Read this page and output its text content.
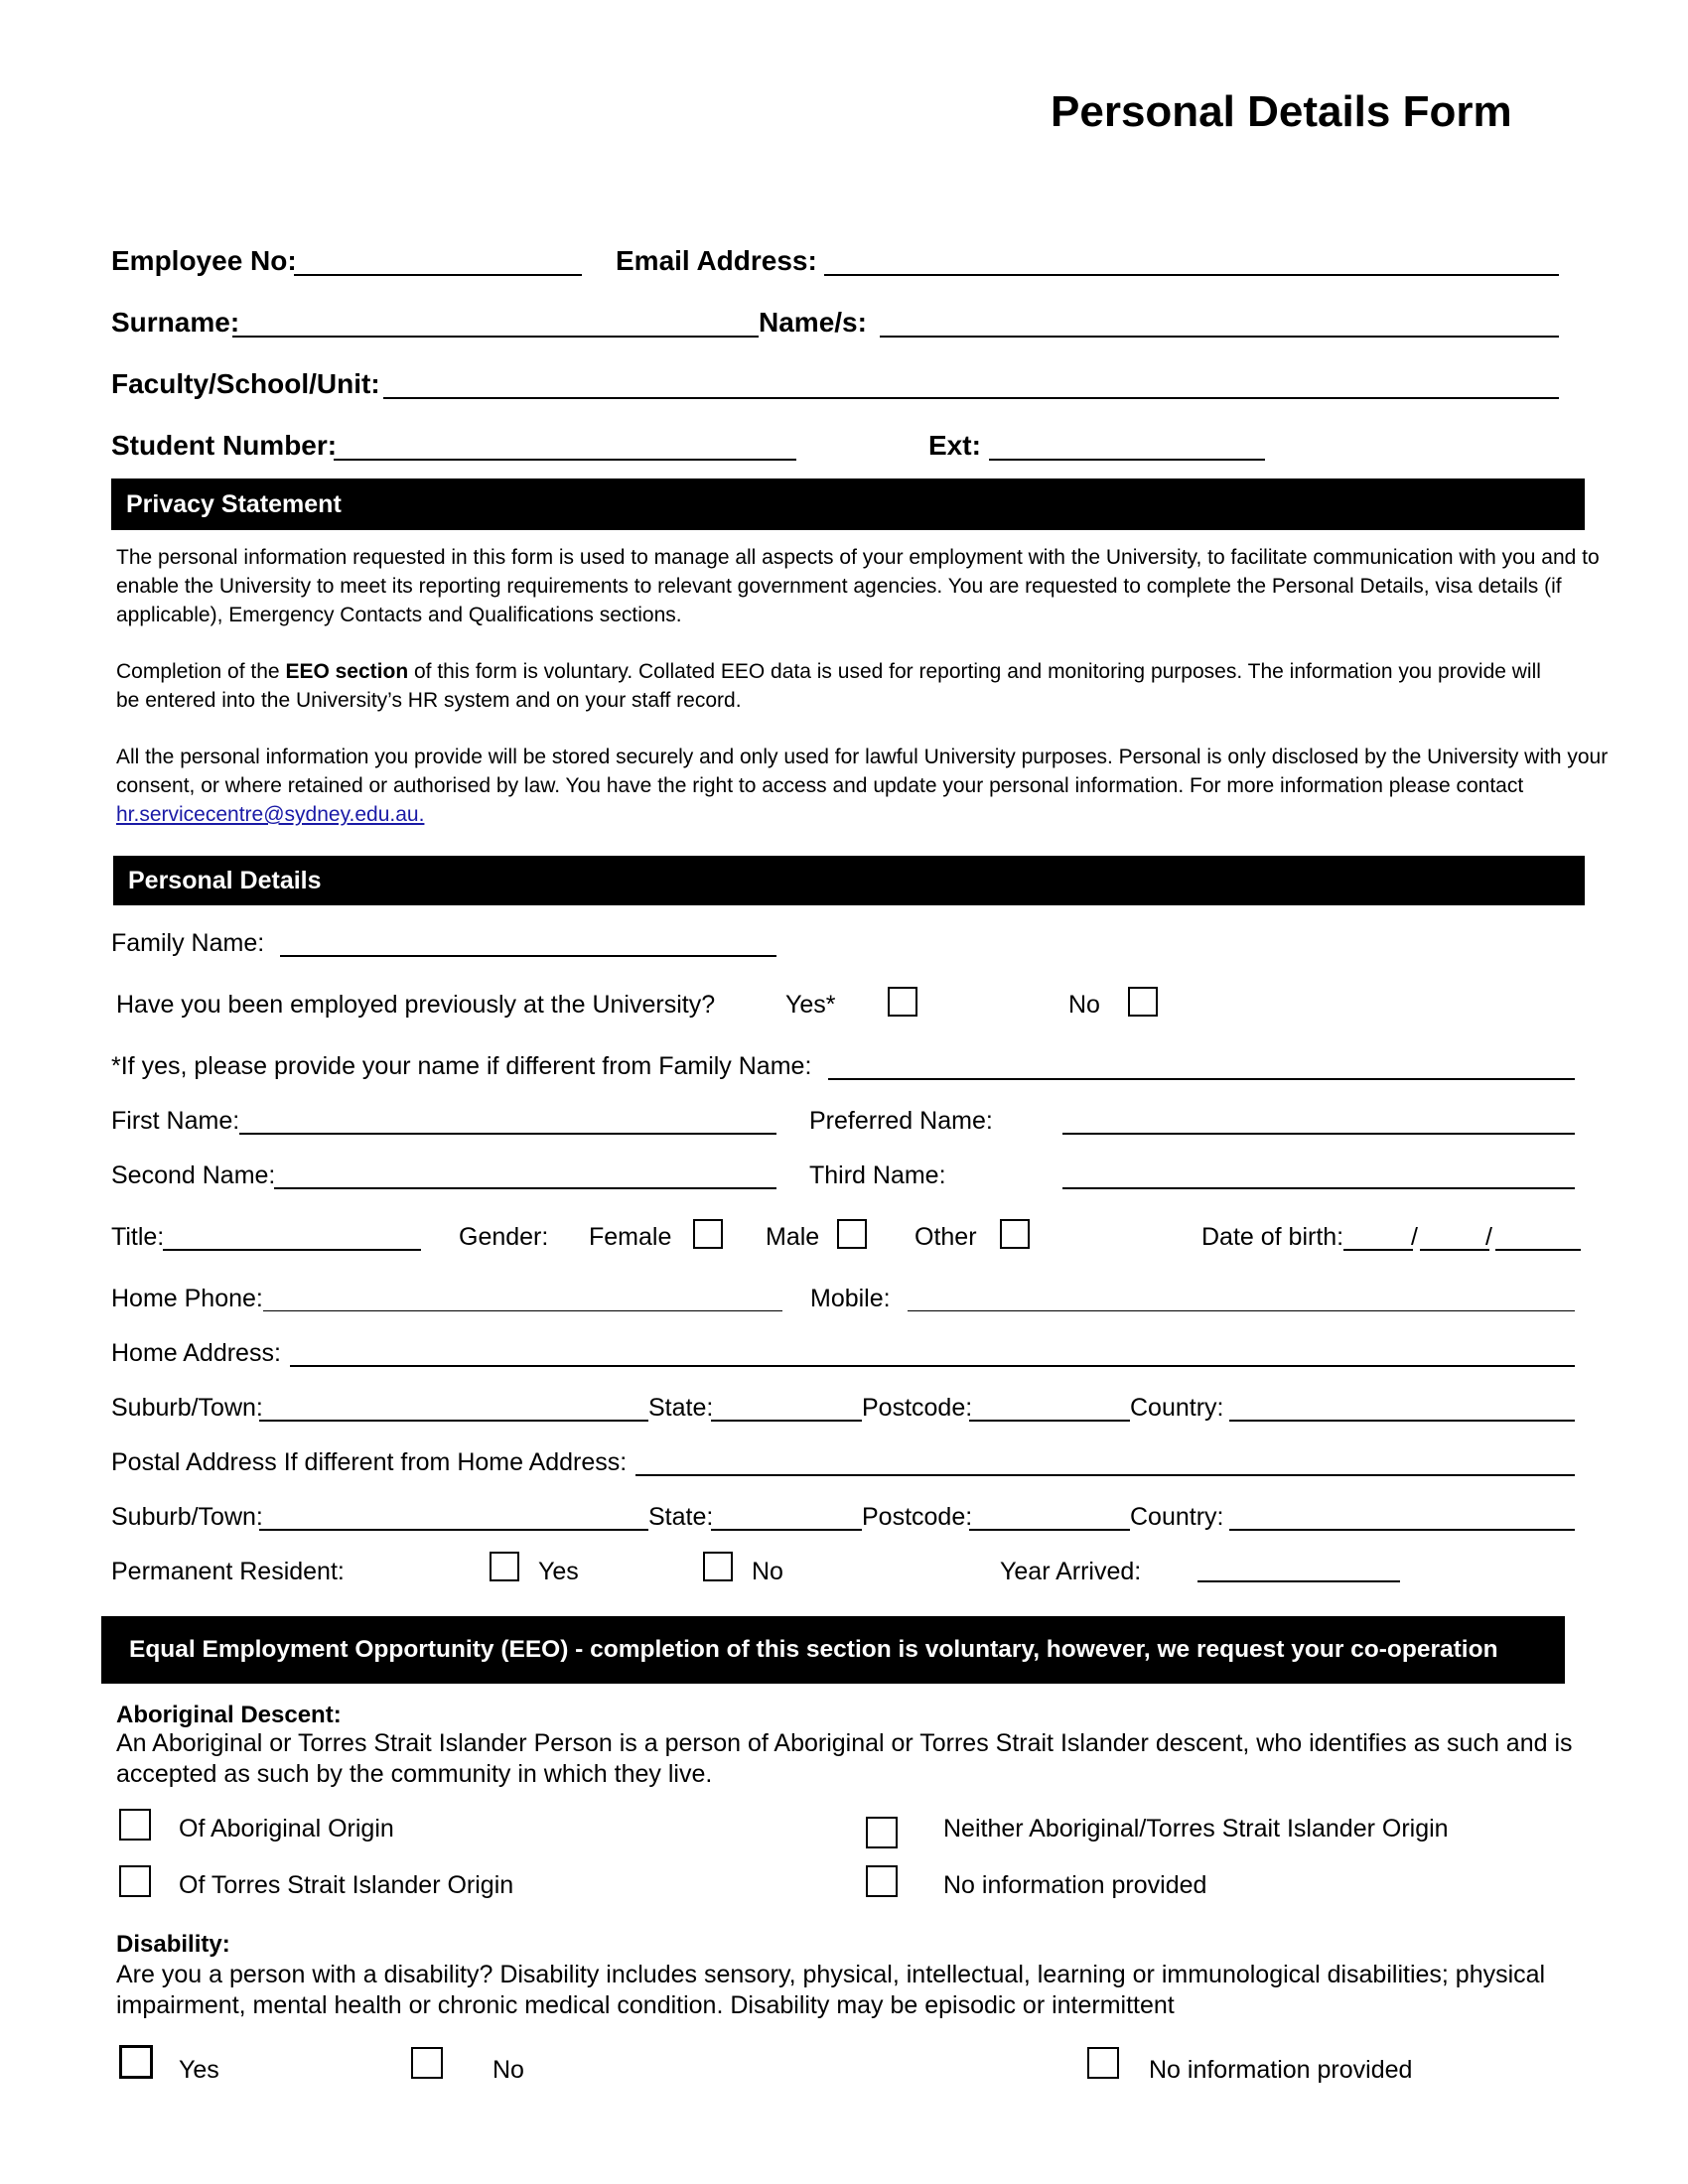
Personal Details Form
Employee No:	Email Address:
Surname:	Name/s:
Faculty/School/Unit:
Student Number:	Ext:
Privacy Statement
The personal information requested in this form is used to manage all aspects of your employment with the University, to facilitate communication with you and to enable the University to meet its reporting requirements to relevant government agencies. You are requested to complete the Personal Details, visa details (if applicable), Emergency Contacts and Qualifications sections.
Completion of the EEO section of this form is voluntary. Collated EEO data is used for reporting and monitoring purposes. The information you provide will be entered into the University’s HR system and on your staff record.
All the personal information you provide will be stored securely and only used for lawful University purposes. Personal is only disclosed by the University with your consent, or where retained or authorised by law. You have the right to access and update your personal information. For more information please contact hr.servicecentre@sydney.edu.au.
Personal Details
Family Name:
Have you been employed previously at the University?	Yes*	No
*If yes, please provide your name if different from Family Name:
First Name:	Preferred Name:
Second Name:	Third Name:
Title:	Gender: Female	Male	Other	Date of birth:	/	/
Home Phone:	Mobile:
Home Address:
Suburb/Town:	State:	Postcode:	Country:
Postal Address If different from Home Address:
Suburb/Town:	State:	Postcode:	Country:
Permanent Resident:	Yes	No	Year Arrived:
Equal Employment Opportunity (EEO) - completion of this section is voluntary, however, we request your co-operation
Aboriginal Descent:
An Aboriginal or Torres Strait Islander Person is a person of Aboriginal or Torres Strait Islander descent, who identifies as such and is accepted as such by the community in which they live.
Of Aboriginal Origin	Neither Aboriginal/Torres Strait Islander Origin
Of Torres Strait Islander Origin	No information provided
Disability:
Are you a person with a disability? Disability includes sensory, physical, intellectual, learning or immunological disabilities; physical impairment, mental health or chronic medical condition. Disability may be episodic or intermittent
Yes	No	No information provided
